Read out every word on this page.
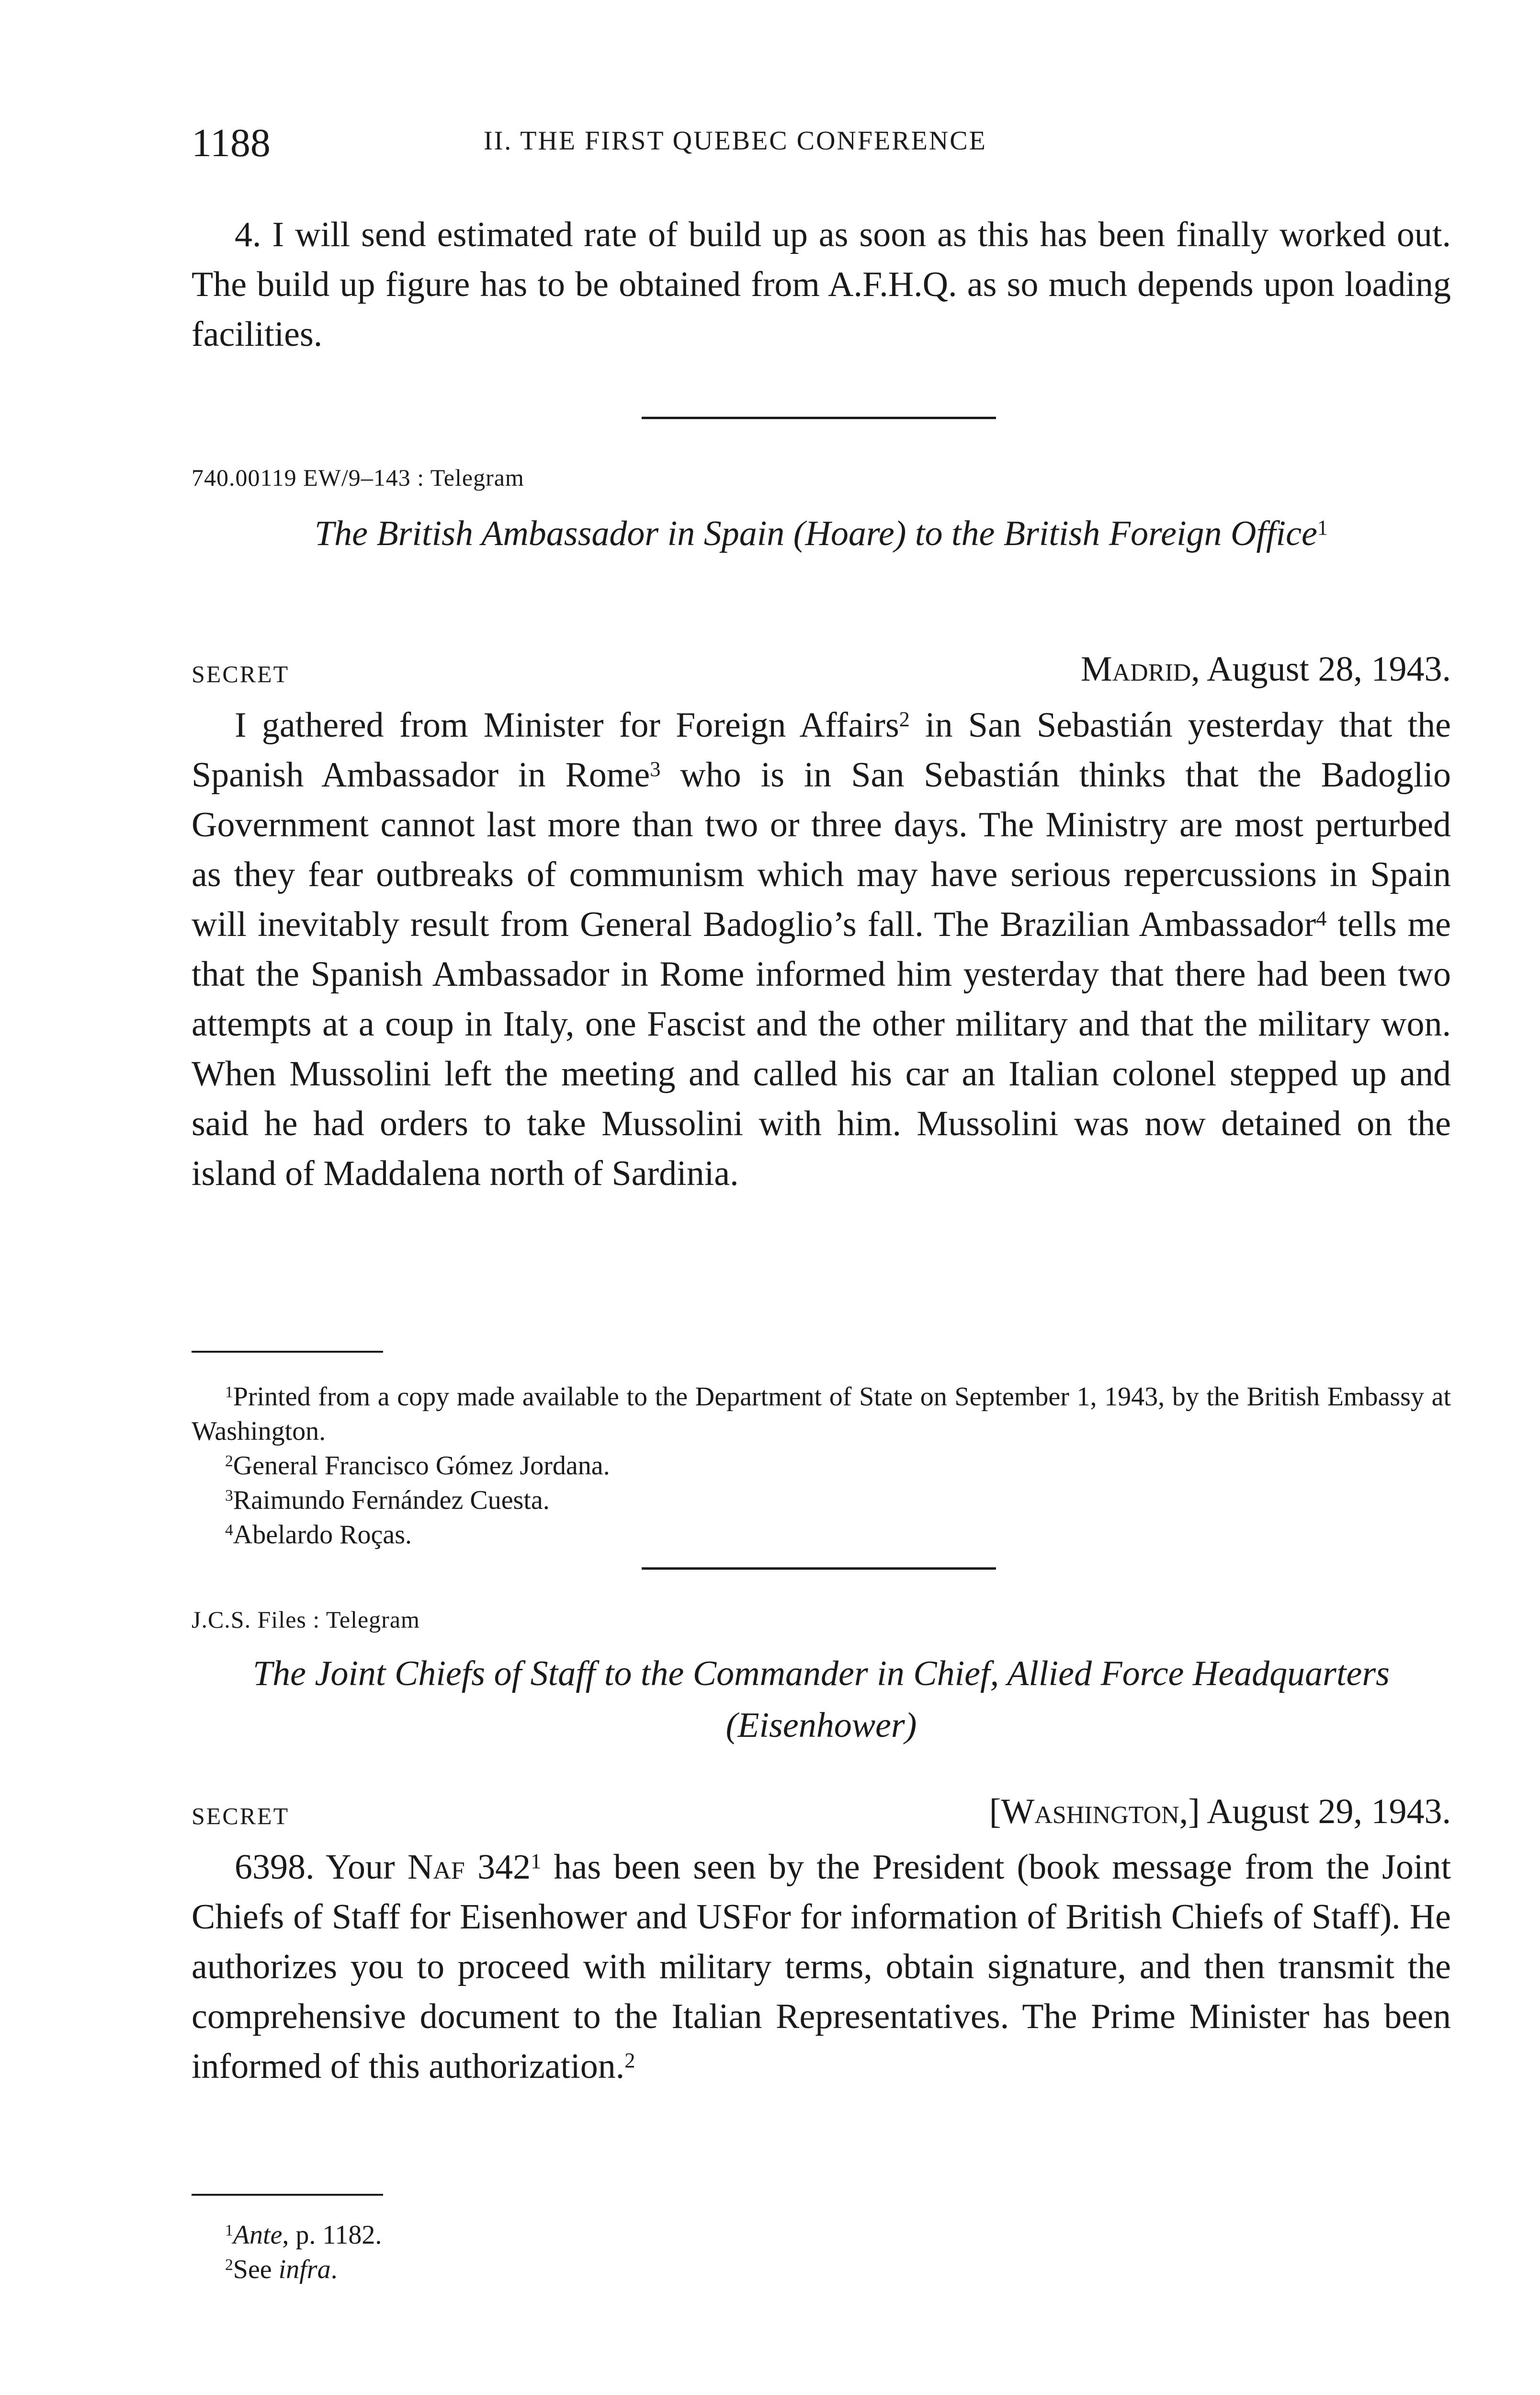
1188	II. THE FIRST QUEBEC CONFERENCE

4. I will send estimated rate of build up as soon as this has been finally worked out. The build up figure has to be obtained from A.F.H.Q. as so much depends upon loading facilities.

740.00119 EW/9–143 : Telegram

The British Ambassador in Spain (Hoare) to the British Foreign Office$^1$

SECRET	Madrid, August 28, 1943.

I gathered from Minister for Foreign Affairs$^2$ in San Sebastián yesterday that the Spanish Ambassador in Rome$^3$ who is in San Sebastián thinks that the Badoglio Government cannot last more than two or three days. The Ministry are most perturbed as they fear outbreaks of communism which may have serious repercussions in Spain will inevitably result from General Badoglio’s fall. The Brazilian Ambassador$^4$ tells me that the Spanish Ambassador in Rome informed him yesterday that there had been two attempts at a coup in Italy, one Fascist and the other military and that the military won. When Mussolini left the meeting and called his car an Italian colonel stepped up and said he had orders to take Mussolini with him. Mussolini was now detained on the island of Maddalena north of Sardinia.

$^1$Printed from a copy made available to the Department of State on September 1, 1943, by the British Embassy at Washington.

$^2$General Francisco Gómez Jordana.

$^3$Raimundo Fernández Cuesta.

$^4$Abelardo Roças.

J.C.S. Files : Telegram

The Joint Chiefs of Staff to the Commander in Chief, Allied Force Headquarters (Eisenhower)

SECRET	[Washington,] August 29, 1943.

6398. Your Naf $342^1$ has been seen by the President (book message from the Joint Chiefs of Staff for Eisenhower and USFor for information of British Chiefs of Staff). He authorizes you to proceed with military terms, obtain signature, and then transmit the comprehensive document to the Italian Representatives. The Prime Minister has been informed of this authorization.$^2$

$^1$Ante, p. 1182.

$^2$See infra.
